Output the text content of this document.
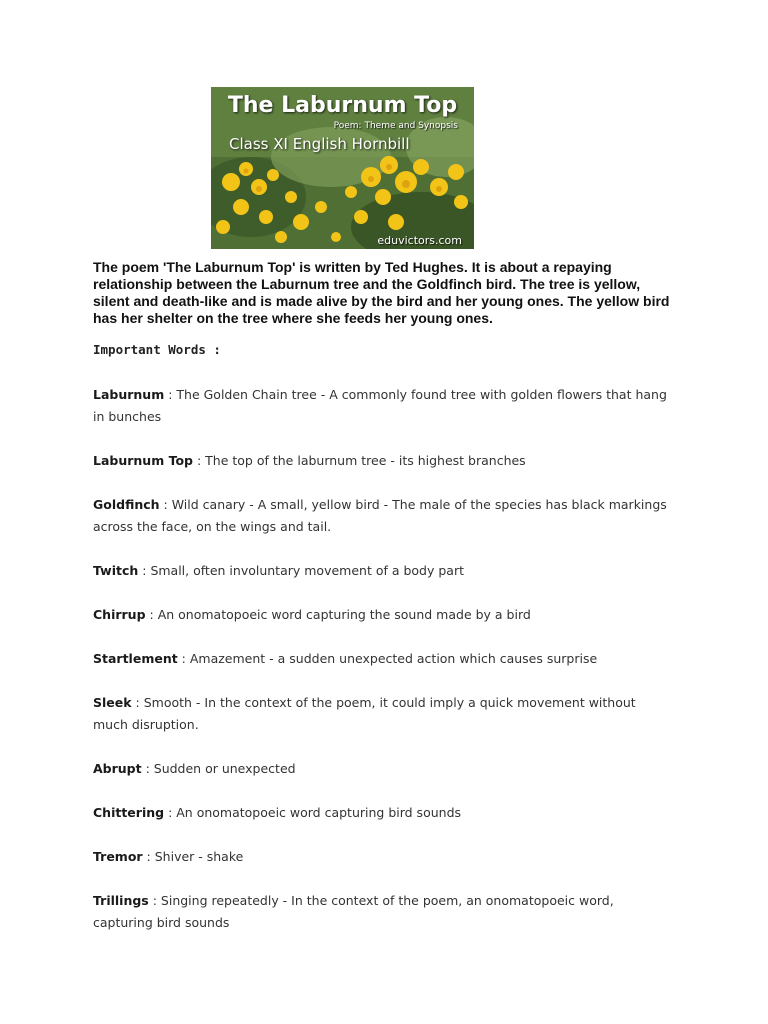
The Laburnum Top
Poem: Theme and Synopsis
Class XI English Hornbill
eduvictors.com

The poem 'The Laburnum Top' is written by Ted Hughes. It is about a repaying relationship between the Laburnum tree and the Goldfinch bird. The tree is yellow, silent and death-like and is made alive by the bird and her young ones. The yellow bird has her shelter on the tree where she feeds her young ones.

Important Words :

Laburnum : The Golden Chain tree - A commonly found tree with golden flowers that hang in bunches
Laburnum Top : The top of the laburnum tree - its highest branches
Goldfinch : Wild canary - A small, yellow bird - The male of the species has black markings across the face, on the wings and tail.
Twitch : Small, often involuntary movement of a body part
Chirrup : An onomatopoeic word capturing the sound made by a bird
Startlement : Amazement - a sudden unexpected action which causes surprise
Sleek : Smooth - In the context of the poem, it could imply a quick movement without much disruption.
Abrupt : Sudden or unexpected
Chittering : An onomatopoeic word capturing bird sounds
Tremor : Shiver - shake
Trillings : Singing repeatedly - In the context of the poem, an onomatopoeic word, capturing bird sounds
